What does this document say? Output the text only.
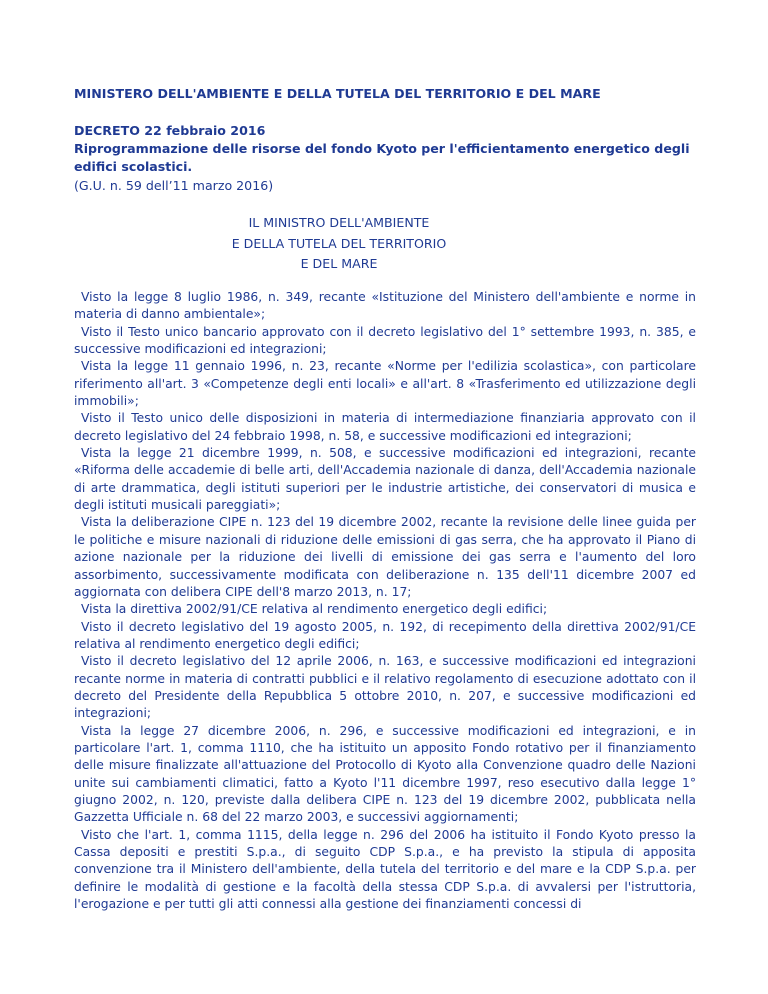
MINISTERO DELL'AMBIENTE E DELLA TUTELA DEL TERRITORIO E DEL MARE
DECRETO 22 febbraio 2016
Riprogrammazione delle risorse del fondo Kyoto per l'efficientamento energetico degli edifici scolastici.
(G.U. n. 59 dell’11 marzo 2016)
IL MINISTRO DELL'AMBIENTE
E DELLA TUTELA DEL TERRITORIO
E DEL MARE

Visto la legge 8 luglio 1986, n. 349, recante «Istituzione del Ministero dell'ambiente e norme in materia di danno ambientale»;

Visto il Testo unico bancario approvato con il decreto legislativo del 1° settembre 1993, n. 385, e successive modificazioni ed integrazioni;

Vista la legge 11 gennaio 1996, n. 23, recante «Norme per l'edilizia scolastica», con particolare riferimento all'art. 3 «Competenze degli enti locali» e all'art. 8 «Trasferimento ed utilizzazione degli immobili»;

Visto il Testo unico delle disposizioni in materia di intermediazione finanziaria approvato con il decreto legislativo del 24 febbraio 1998, n. 58, e successive modificazioni ed integrazioni;

Vista la legge 21 dicembre 1999, n. 508, e successive modificazioni ed integrazioni, recante «Riforma delle accademie di belle arti, dell'Accademia nazionale di danza, dell'Accademia nazionale di arte drammatica, degli istituti superiori per le industrie artistiche, dei conservatori di musica e degli istituti musicali pareggiati»;

Vista la deliberazione CIPE n. 123 del 19 dicembre 2002, recante la revisione delle linee guida per le politiche e misure nazionali di riduzione delle emissioni di gas serra, che ha approvato il Piano di azione nazionale per la riduzione dei livelli di emissione dei gas serra e l'aumento del loro assorbimento, successivamente modificata con deliberazione n. 135 dell'11 dicembre 2007 ed aggiornata con delibera CIPE dell'8 marzo 2013, n. 17;

Vista la direttiva 2002/91/CE relativa al rendimento energetico degli edifici;

Visto il decreto legislativo del 19 agosto 2005, n. 192, di recepimento della direttiva 2002/91/CE relativa al rendimento energetico degli edifici;

Visto il decreto legislativo del 12 aprile 2006, n. 163, e successive modificazioni ed integrazioni recante norme in materia di contratti pubblici e il relativo regolamento di esecuzione adottato con il decreto del Presidente della Repubblica 5 ottobre 2010, n. 207, e successive modificazioni ed integrazioni;

Vista la legge 27 dicembre 2006, n. 296, e successive modificazioni ed integrazioni, e in particolare l'art. 1, comma 1110, che ha istituito un apposito Fondo rotativo per il finanziamento delle misure finalizzate all'attuazione del Protocollo di Kyoto alla Convenzione quadro delle Nazioni unite sui cambiamenti climatici, fatto a Kyoto l'11 dicembre 1997, reso esecutivo dalla legge 1° giugno 2002, n. 120, previste dalla delibera CIPE n. 123 del 19 dicembre 2002, pubblicata nella Gazzetta Ufficiale n. 68 del 22 marzo 2003, e successivi aggiornamenti;

Visto che l'art. 1, comma 1115, della legge n. 296 del 2006 ha istituito il Fondo Kyoto presso la Cassa depositi e prestiti S.p.a., di seguito CDP S.p.a., e ha previsto la stipula di apposita convenzione tra il Ministero dell'ambiente, della tutela del territorio e del mare e la CDP S.p.a. per definire le modalità di gestione e la facoltà della stessa CDP S.p.a. di avvalersi per l'istruttoria, l'erogazione e per tutti gli atti connessi alla gestione dei finanziamenti concessi di
